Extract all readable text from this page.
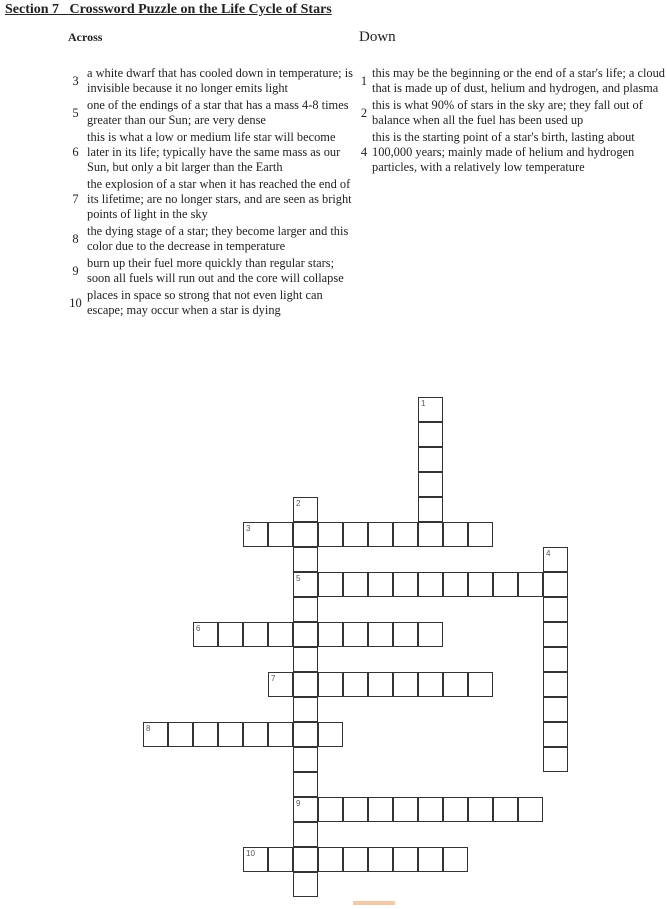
Section 7   Crossword Puzzle on the Life Cycle of Stars
Across	Down
3
a white dwarf that has cooled down in temperature; is invisible because it no longer emits light
5
one of the endings of a star that has a mass 4-8 times greater than our Sun; are very dense
6
this is what a low or medium life star will become later in its life; typically have the same mass as our Sun, but only a bit larger than the Earth
7
the explosion of a star when it has reached the end of its lifetime; are no longer stars, and are seen as bright points of light in the sky
8
the dying stage of a star; they become larger and this color due to the decrease in temperature
9
burn up their fuel more quickly than regular stars; soon all fuels will run out and the core will collapse
10
places in space so strong that not even light can escape; may occur when a star is dying
1
this may be the beginning or the end of a star's life; a cloud that is made up of dust, helium and hydrogen, and plasma
2
this is what 90% of stars in the sky are; they fall out of balance when all the fuel has been used up
4
this is the starting point of a star's birth, lasting about 100,000 years; mainly made of helium and hydrogen particles, with a relatively low temperature
1
2
5
9
3
4
6
7
8
10
